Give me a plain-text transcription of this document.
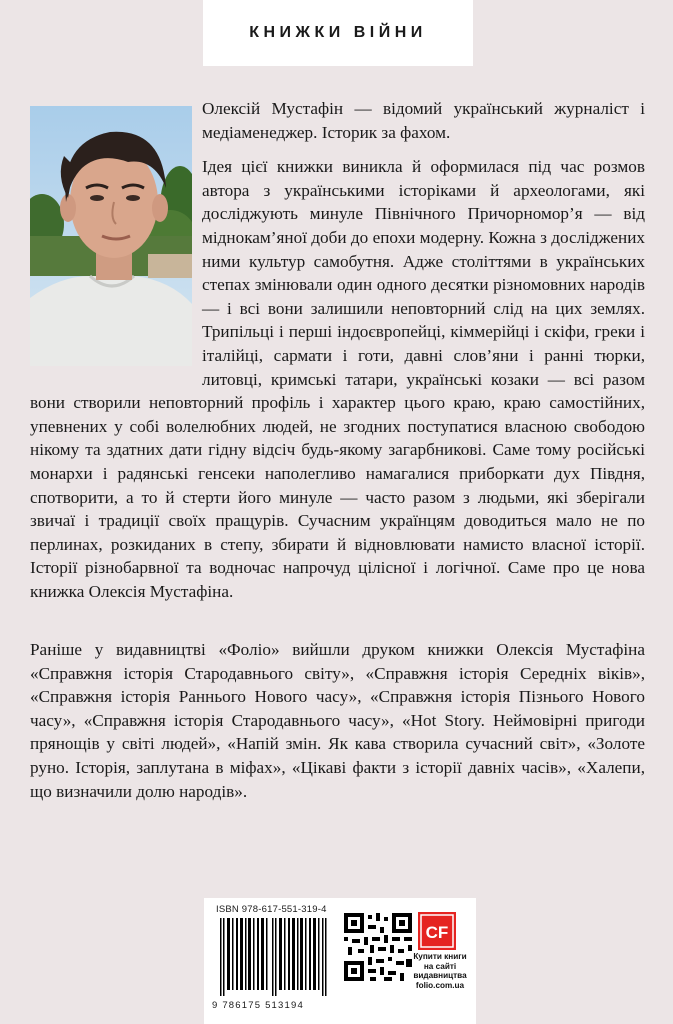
КНИЖКИ ВІЙНИ

Олексій Мустафін — відомий український журналіст і медіаменеджер. Історик за фахом.

Ідея цієї книжки виникла й оформилася під час розмов автора з українськими історіками й археологами, які досліджують минуле Північного Причорномор’я — від міднокам’яної доби до епохи модерну. Кожна з досліджених ними культур самобутня. Адже століттями в українських степах змінювали один одного десятки різномовних народів — і всі вони залишили неповторний слід на цих землях. Трипільці і перші індоєвропейці, кіммерійці і скіфи, греки і італійці, сармати і готи, давні слов’яни і ранні тюрки, литовці, кримські татари, українські козаки — всі разом вони створили неповторний профіль і характер цього краю, краю самостійних, упевнених у собі волелюбних людей, не згодних поступатися власною свободою нікому та здатних дати гідну відсіч будь-якому загарбникові. Саме тому російські монархи і радянські генсеки наполегливо намагалися приборкати дух Півдня, спотворити, а то й стерти його минуле — часто разом з людьми, які зберігали звичаї і традиції своїх пращурів. Сучасним українцям доводиться мало не по перлинах, розкиданих в степу, збирати й відновлювати намисто власної історії. Історії різнобарвної та водночас напрочуд цілісної і логічної. Саме про це нова книжка Олексія Мустафіна.

Раніше у видавництві «Фоліо» вийшли друком книжки Олексія Мустафіна «Справжня історія Стародавнього світу», «Справжня історія Середніх віків», «Справжня історія Раннього Нового часу», «Справжня історія Пізнього Нового часу», «Справжня історія Стародавнього часу», «Hot Story. Неймовірні пригоди прянощів у світі людей», «Напій змін. Як кава створила сучасний світ», «Золоте руно. Історія, заплутана в міфах», «Цікаві факти з історії давніх часів», «Халепи, що визначили долю народів».

ISBN 978-617-551-319-4
9 786175 513194
CF
Купити книги на сайті видавництва folio.com.ua
